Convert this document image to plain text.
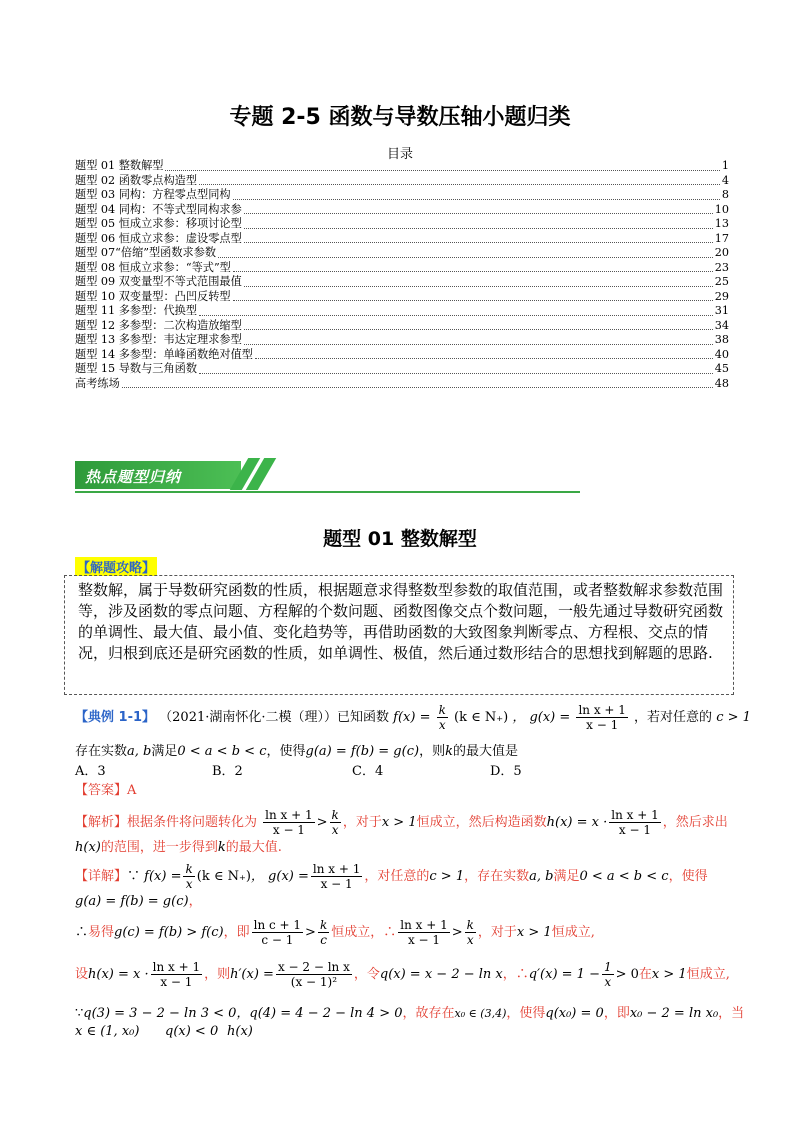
专题 2-5 函数与导数压轴小题归类
目录
题型 01 整数解型	1
题型 02 函数零点构造型	4
题型 03 同构：方程零点型同构	8
题型 04 同构：不等式型同构求参	10
题型 05 恒成立求参：移项讨论型	13
题型 06 恒成立求参：虚设零点型	17
题型 07“倍缩”型函数求参数	20
题型 08 恒成立求参：“等式”型	23
题型 09 双变量型不等式范围最值	25
题型 10 双变量型：凸凹反转型	29
题型 11 多参型：代换型	31
题型 12 多参型：二次构造放缩型	34
题型 13 多参型：韦达定理求参型	38
题型 14 多参型：单峰函数绝对值型	40
题型 15 导数与三角函数	45
高考练场	48
热点题型归纳
题型 01 整数解型
【解题攻略】
整数解，属于导数研究函数的性质，根据题意求得整数型参数的取值范围，或者整数解求参数范围等，涉及函数的零点问题、方程解的个数问题、函数图像交点个数问题，一般先通过导数研究函数的单调性、最大值、最小值、变化趋势等，再借助函数的大致图象判断零点、方程根、交点的情况，归根到底还是研究函数的性质，如单调性、极值，然后通过数形结合的思想找到解题的思路.
【典例 1-1】 （2021·湖南怀化·二模（理））已知函数 $f(x) = \frac{k}{x} (k$ ∈ N₊) ， $g(x) = \frac{\text{ln x + 1}}{x - 1}$ ，若对任意的 c > 1
存在实数a, b满足0 < a < b < c，使得g(a) = f(b) = g(c)，则k的最大值是
A．3	B．2	C．4	D．5
【答案】A
【解析】根据条件将问题转化为 $\frac{\text{ln x + 1}}{x - 1} > \frac{k}{x}$ ，对于x > 1恒成立，然后构造函数$h(x) = x \cdot \frac{\text{ln x + 1}}{x - 1}$ ，然后求出
h(x)的范围，进一步得到k的最大值.
【详解】∵ $f(x) = \frac{k}{x} (k$ ∈ N₊)， $g(x) = \frac{\text{ln x + 1}}{x - 1}$ ，对任意的c > 1，存在实数a, b满足0 < a < b < c，使得
g(a) = f(b) = g(c)，
∴易得g(c) = f(b) > f(c)，即 $\frac{\text{ln c + 1}}{c - 1} > \frac{k}{c}$ 恒成立，∴ $\frac{\text{ln x + 1}}{x - 1} > \frac{k}{x}$ ，对于x > 1恒成立,
设$h(x) = x \cdot \frac{\text{ln x + 1}}{x - 1}$ ，则$h'(x) = \frac{\text{x − 2 − ln x}}{\text{(x − 1)²}}$ ，令q(x) = x − 2 − ln x，∴q′(x) = $1 - \frac{1}{x} > 0$在x > 1恒成立,
∵q(3) = 3 − 2 − ln 3 < 0，q(4) = 4 − 2 − ln 4 > 0，故存在x₀ ∈ (3,4)，使得q(x₀) = 0，即x₀ − 2 = ln x₀，当
x ∈ (1, x₀) q(x) < 0 h(x)
